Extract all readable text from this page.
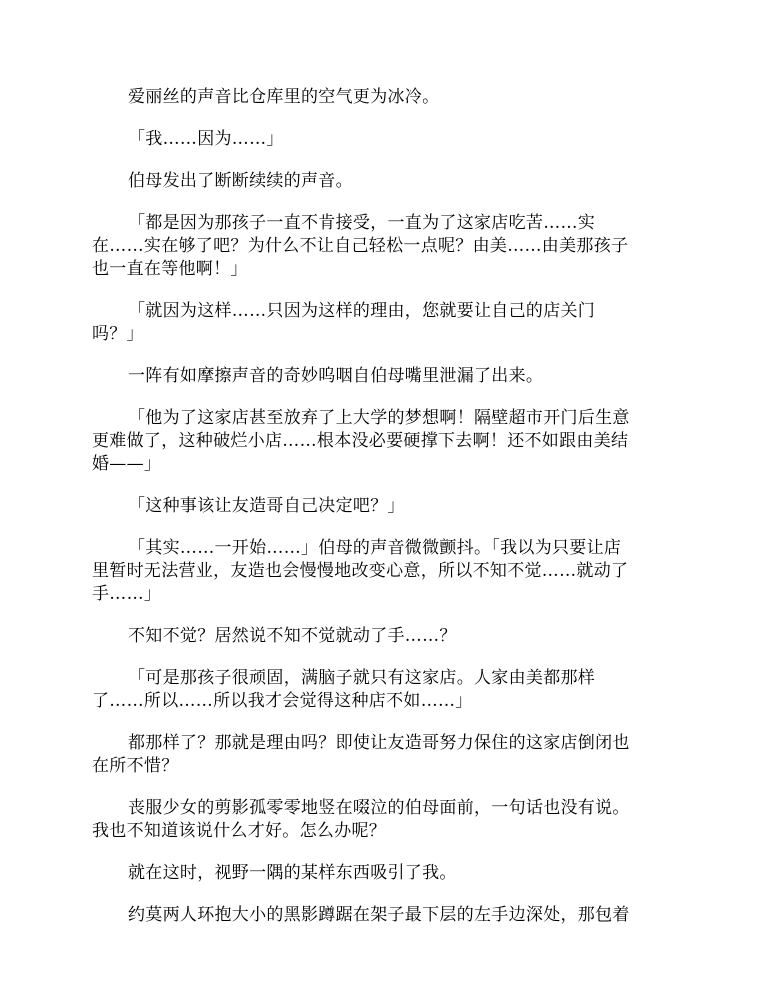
爱丽丝的声音比仓库里的空气更为冰冷。

「我……因为……」

伯母发出了断断续续的声音。

「都是因为那孩子一直不肯接受，一直为了这家店吃苦……实
在……实在够了吧？为什么不让自己轻松一点呢？由美……由美那孩子
也一直在等他啊！」

「就因为这样……只因为这样的理由，您就要让自己的店关门
吗？」

一阵有如摩擦声音的奇妙呜咽自伯母嘴里泄漏了出来。

「他为了这家店甚至放弃了上大学的梦想啊！隔壁超市开门后生意
更难做了，这种破烂小店……根本没必要硬撑下去啊！还不如跟由美结
婚——」

「这种事该让友造哥自己决定吧？」

「其实……一开始……」伯母的声音微微颤抖。「我以为只要让店
里暂时无法营业，友造也会慢慢地改变心意，所以不知不觉……就动了
手……」

不知不觉？居然说不知不觉就动了手……？

「可是那孩子很顽固，满脑子就只有这家店。人家由美都那样
了……所以……所以我才会觉得这种店不如……」

都那样了？那就是理由吗？即使让友造哥努力保住的这家店倒闭也
在所不惜？

丧服少女的剪影孤零零地竖在啜泣的伯母面前，一句话也没有说。
我也不知道该说什么才好。怎么办呢？

就在这时，视野一隅的某样东西吸引了我。

约莫两人环抱大小的黑影蹲踞在架子最下层的左手边深处，那包着
